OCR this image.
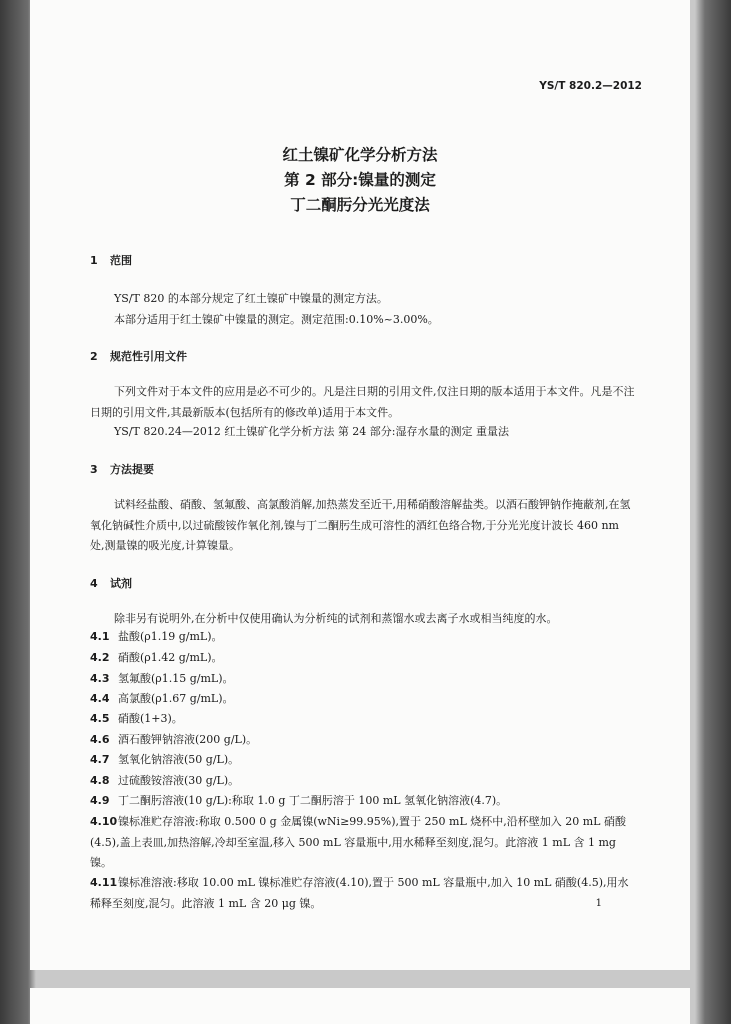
YS/T 820.2—2012
红土镍矿化学分析方法
第 2 部分:镍量的测定
丁二酮肟分光光度法
1 范围
YS/T 820 的本部分规定了红土镍矿中镍量的测定方法。
本部分适用于红土镍矿中镍量的测定。测定范围:0.10%~3.00%。
2 规范性引用文件

下列文件对于本文件的应用是必不可少的。凡是注日期的引用文件,仅注日期的版本适用于本文件。凡是不注日期的引用文件,其最新版本(包括所有的修改单)适用于本文件。

YS/T 820.24—2012 红土镍矿化学分析方法 第 24 部分:湿存水量的测定 重量法
3 方法提要

试料经盐酸、硝酸、氢氟酸、高氯酸消解,加热蒸发至近干,用稀硝酸溶解盐类。以酒石酸钾钠作掩蔽剂,在氢氧化钠碱性介质中,以过硫酸铵作氧化剂,镍与丁二酮肟生成可溶性的酒红色络合物,于分光光度计波长 460 nm 处,测量镍的吸光度,计算镍量。

4 试剂
除非另有说明外,在分析中仅使用确认为分析纯的试剂和蒸馏水或去离子水或相当纯度的水。
4.1 盐酸(ρ1.19 g/mL)。
4.2 硝酸(ρ1.42 g/mL)。
4.3 氢氟酸(ρ1.15 g/mL)。
4.4 高氯酸(ρ1.67 g/mL)。
4.5 硝酸(1+3)。
4.6 酒石酸钾钠溶液(200 g/L)。
4.7 氢氧化钠溶液(50 g/L)。
4.8 过硫酸铵溶液(30 g/L)。
4.9 丁二酮肟溶液(10 g/L):称取 1.0 g 丁二酮肟溶于 100 mL 氢氧化钠溶液(4.7)。
4.10镍标准贮存溶液:称取 0.500 0 g 金属镍(wNi≥99.95%),置于 250 mL 烧杯中,沿杯壁加入 20 mL 硝酸(4.5),盖上表皿,加热溶解,冷却至室温,移入 500 mL 容量瓶中,用水稀释至刻度,混匀。此溶液 1 mL 含 1 mg 镍。
4.11镍标准溶液:移取 10.00 mL 镍标准贮存溶液(4.10),置于 500 mL 容量瓶中,加入 10 mL 硝酸(4.5),用水稀释至刻度,混匀。此溶液 1 mL 含 20 μg 镍。	1
